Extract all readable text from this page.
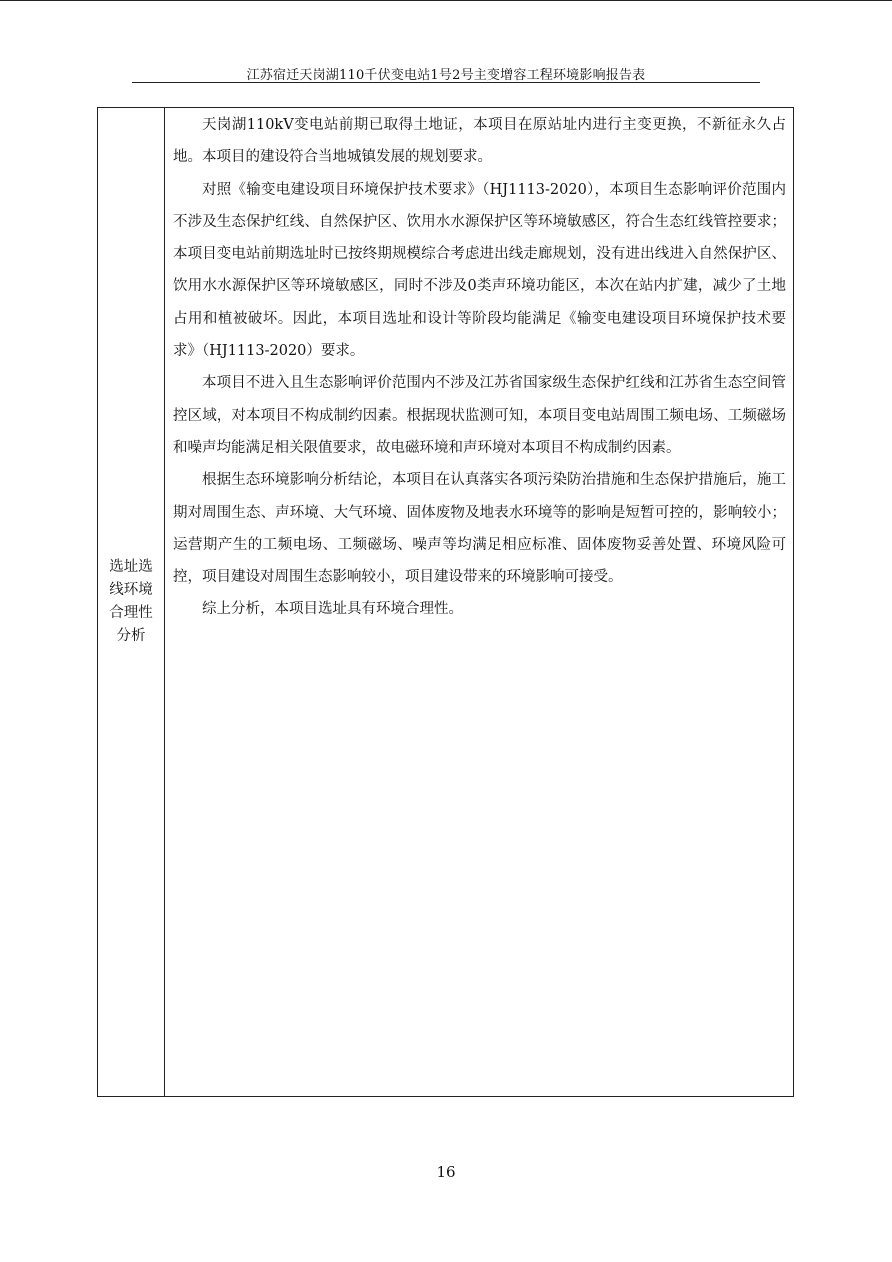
江苏宿迁天岗湖110千伏变电站1号2号主变增容工程环境影响报告表
选址选线环境合理性分析

天岗湖110kV变电站前期已取得土地证，本项目在原站址内进行主变更换，不新征永久占地。本项目的建设符合当地城镇发展的规划要求。

对照《输变电建设项目环境保护技术要求》（HJ1113-2020），本项目生态影响评价范围内不涉及生态保护红线、自然保护区、饮用水水源保护区等环境敏感区，符合生态红线管控要求；本项目变电站前期选址时已按终期规模综合考虑进出线走廊规划，没有进出线进入自然保护区、饮用水水源保护区等环境敏感区，同时不涉及0类声环境功能区，本次在站内扩建，减少了土地占用和植被破坏。因此，本项目选址和设计等阶段均能满足《输变电建设项目环境保护技术要求》（HJ1113-2020）要求。

本项目不进入且生态影响评价范围内不涉及江苏省国家级生态保护红线和江苏省生态空间管控区域，对本项目不构成制约因素。根据现状监测可知，本项目变电站周围工频电场、工频磁场和噪声均能满足相关限值要求，故电磁环境和声环境对本项目不构成制约因素。

根据生态环境影响分析结论，本项目在认真落实各项污染防治措施和生态保护措施后，施工期对周围生态、声环境、大气环境、固体废物及地表水环境等的影响是短暂可控的，影响较小；运营期产生的工频电场、工频磁场、噪声等均满足相应标准、固体废物妥善处置、环境风险可控，项目建设对周围生态影响较小，项目建设带来的环境影响可接受。

综上分析，本项目选址具有环境合理性。

16
